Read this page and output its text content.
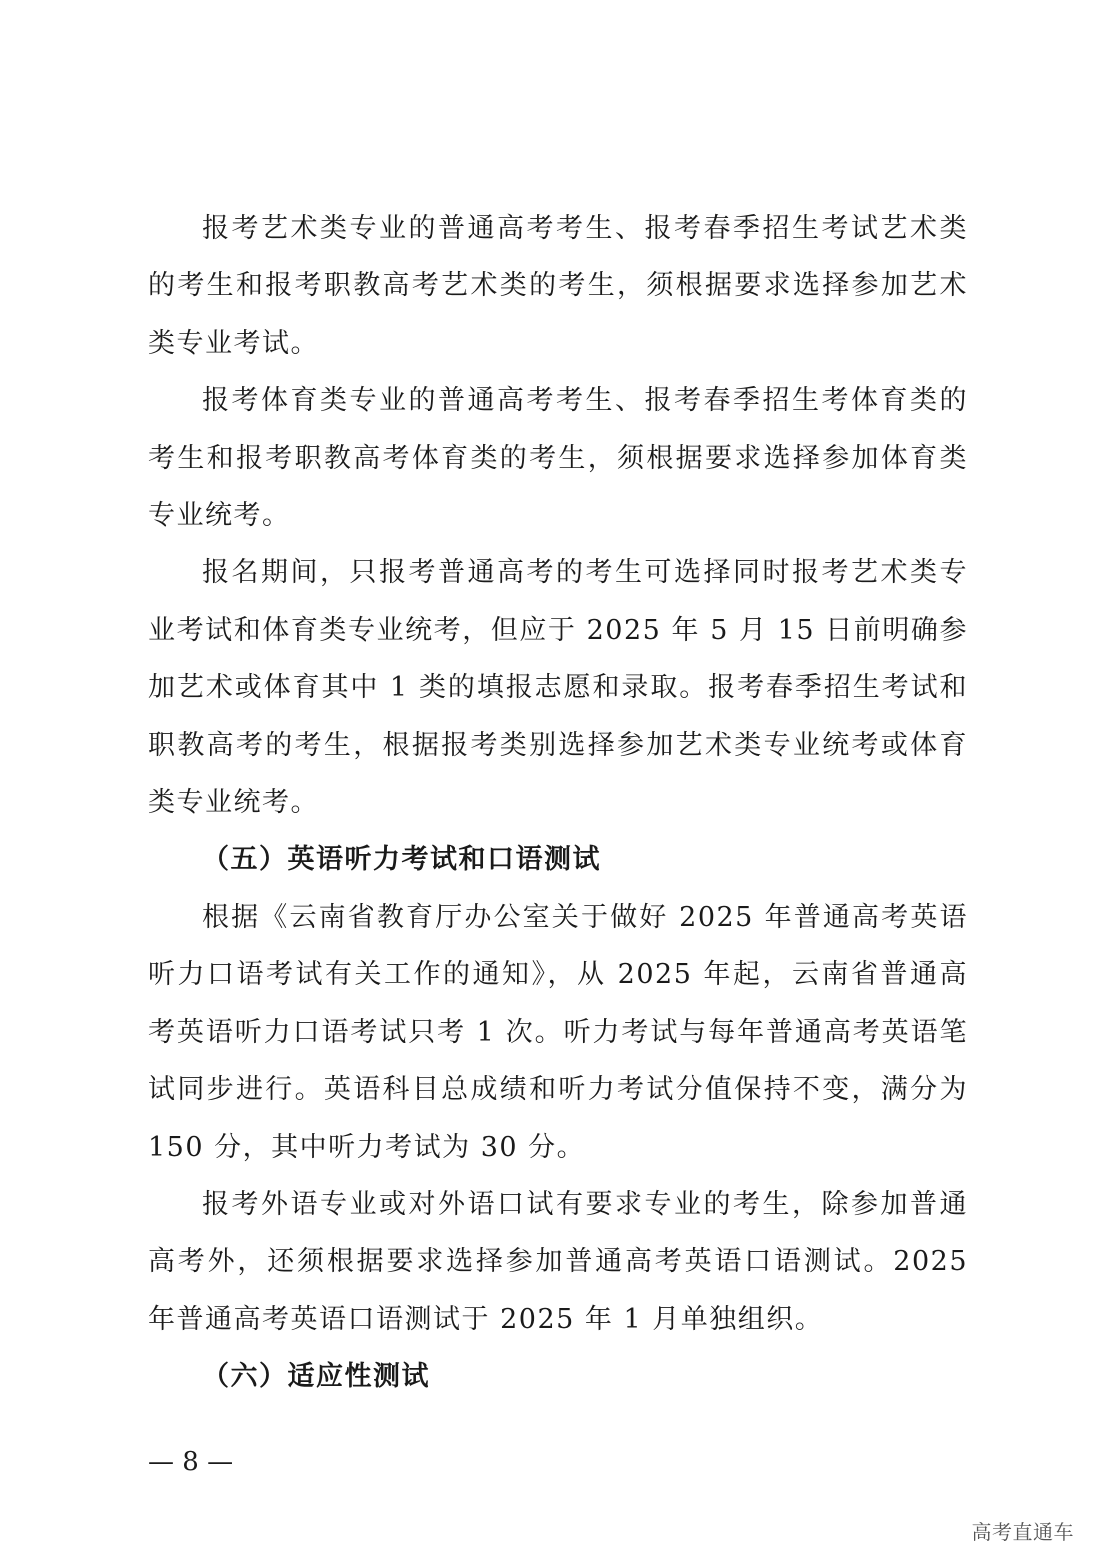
报考艺术类专业的普通高考考生、报考春季招生考试艺术类的考生和报考职教高考艺术类的考生，须根据要求选择参加艺术类专业考试。

报考体育类专业的普通高考考生、报考春季招生考体育类的考生和报考职教高考体育类的考生，须根据要求选择参加体育类专业统考。

报名期间，只报考普通高考的考生可选择同时报考艺术类专业考试和体育类专业统考，但应于 2025 年 5 月 15 日前明确参加艺术或体育其中 1 类的填报志愿和录取。报考春季招生考试和职教高考的考生，根据报考类别选择参加艺术类专业统考或体育类专业统考。

（五）英语听力考试和口语测试

根据《云南省教育厅办公室关于做好 2025 年普通高考英语听力口语考试有关工作的通知》，从 2025 年起，云南省普通高考英语听力口语考试只考 1 次。听力考试与每年普通高考英语笔试同步进行。英语科目总成绩和听力考试分值保持不变，满分为 150 分，其中听力考试为 30 分。

报考外语专业或对外语口试有要求专业的考生，除参加普通高考外，还须根据要求选择参加普通高考英语口语测试。2025 年普通高考英语口语测试于 2025 年 1 月单独组织。

（六）适应性测试

— 8 —
高考直通车
